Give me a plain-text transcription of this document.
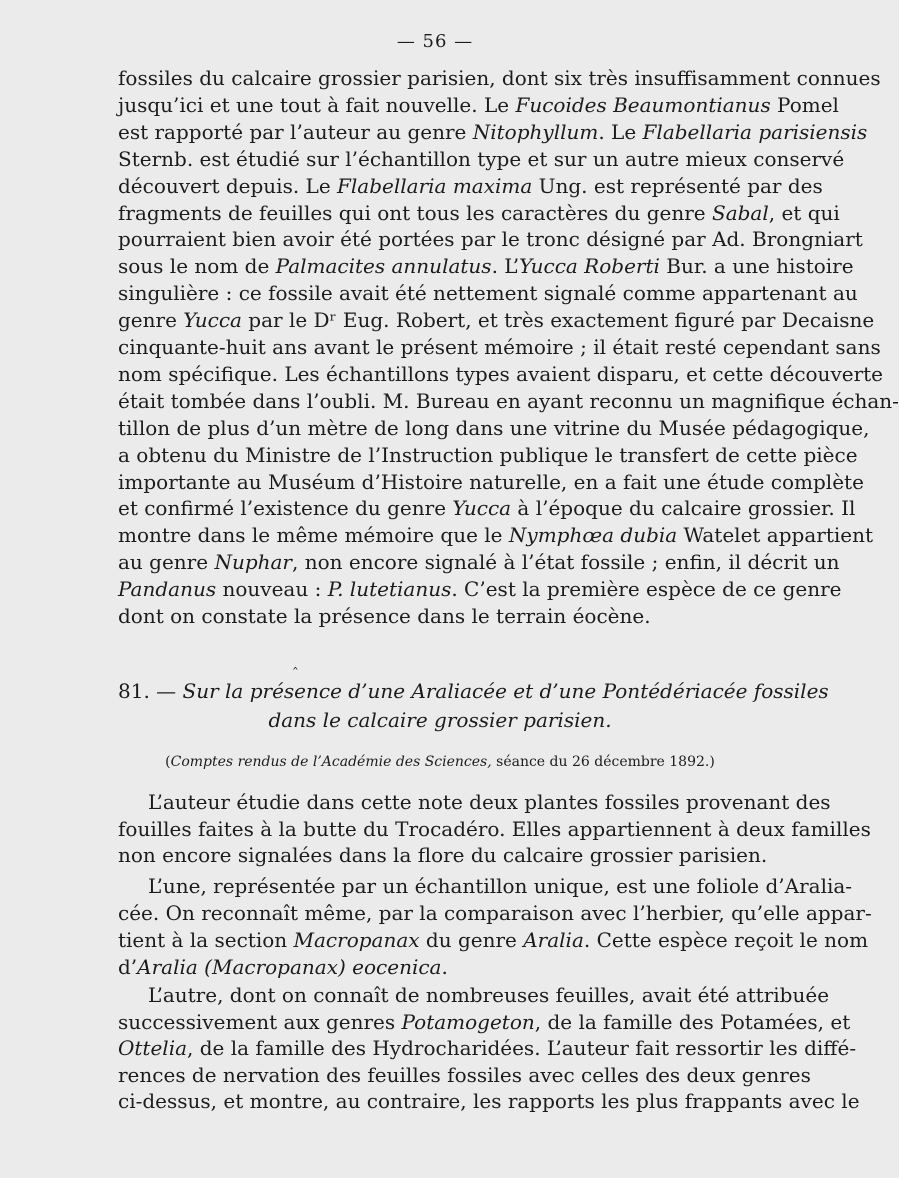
— 56 —
fossiles du calcaire grossier parisien, dont six très insuffisamment connues
jusqu’ici et une tout à fait nouvelle. Le Fucoides Beaumontianus Pomel
est rapporté par l’auteur au genre Nitophyllum. Le Flabellaria parisiensis
Sternb. est étudié sur l’échantillon type et sur un autre mieux conservé
découvert depuis. Le Flabellaria maxima Ung. est représenté par des
fragments de feuilles qui ont tous les caractères du genre Sabal, et qui
pourraient bien avoir été portées par le tronc désigné par Ad. Brongniart
sous le nom de Palmacites annulatus. L’Yucca Roberti Bur. a une histoire
singulière : ce fossile avait été nettement signalé comme appartenant au
genre Yucca par le Dʳ Eug. Robert, et très exactement figuré par Decaisne
cinquante-huit ans avant le présent mémoire ; il était resté cependant sans
nom spécifique. Les échantillons types avaient disparu, et cette découverte
était tombée dans l’oubli. M. Bureau en ayant reconnu un magnifique échan-
tillon de plus d’un mètre de long dans une vitrine du Musée pédagogique,
a obtenu du Ministre de l’Instruction publique le transfert de cette pièce
importante au Muséum d’Histoire naturelle, en a fait une étude complète
et confirmé l’existence du genre Yucca à l’époque du calcaire grossier. Il
montre dans le même mémoire que le Nymphœa dubia Watelet appartient
au genre Nuphar, non encore signalé à l’état fossile ; enfin, il décrit un
Pandanus nouveau : P. lutetianus. C’est la première espèce de ce genre
dont on constate la présence dans le terrain éocène.
‸
81. — Sur la présence d’une Araliacée et d’une Pontédériacée fossiles
dans le calcaire grossier parisien.
(Comptes rendus de l’Académie des Sciences, séance du 26 décembre 1892.)
L’auteur étudie dans cette note deux plantes fossiles provenant des
fouilles faites à la butte du Trocadéro. Elles appartiennent à deux familles
non encore signalées dans la flore du calcaire grossier parisien.
L’une, représentée par un échantillon unique, est une foliole d’Aralia-
cée. On reconnaît même, par la comparaison avec l’herbier, qu’elle appar-
tient à la section Macropanax du genre Aralia. Cette espèce reçoit le nom
d’Aralia (Macropanax) eocenica.
L’autre, dont on connaît de nombreuses feuilles, avait été attribuée
successivement aux genres Potamogeton, de la famille des Potamées, et
Ottelia, de la famille des Hydrocharidées. L’auteur fait ressortir les diffé-
rences de nervation des feuilles fossiles avec celles des deux genres
ci-dessus, et montre, au contraire, les rapports les plus frappants avec le
